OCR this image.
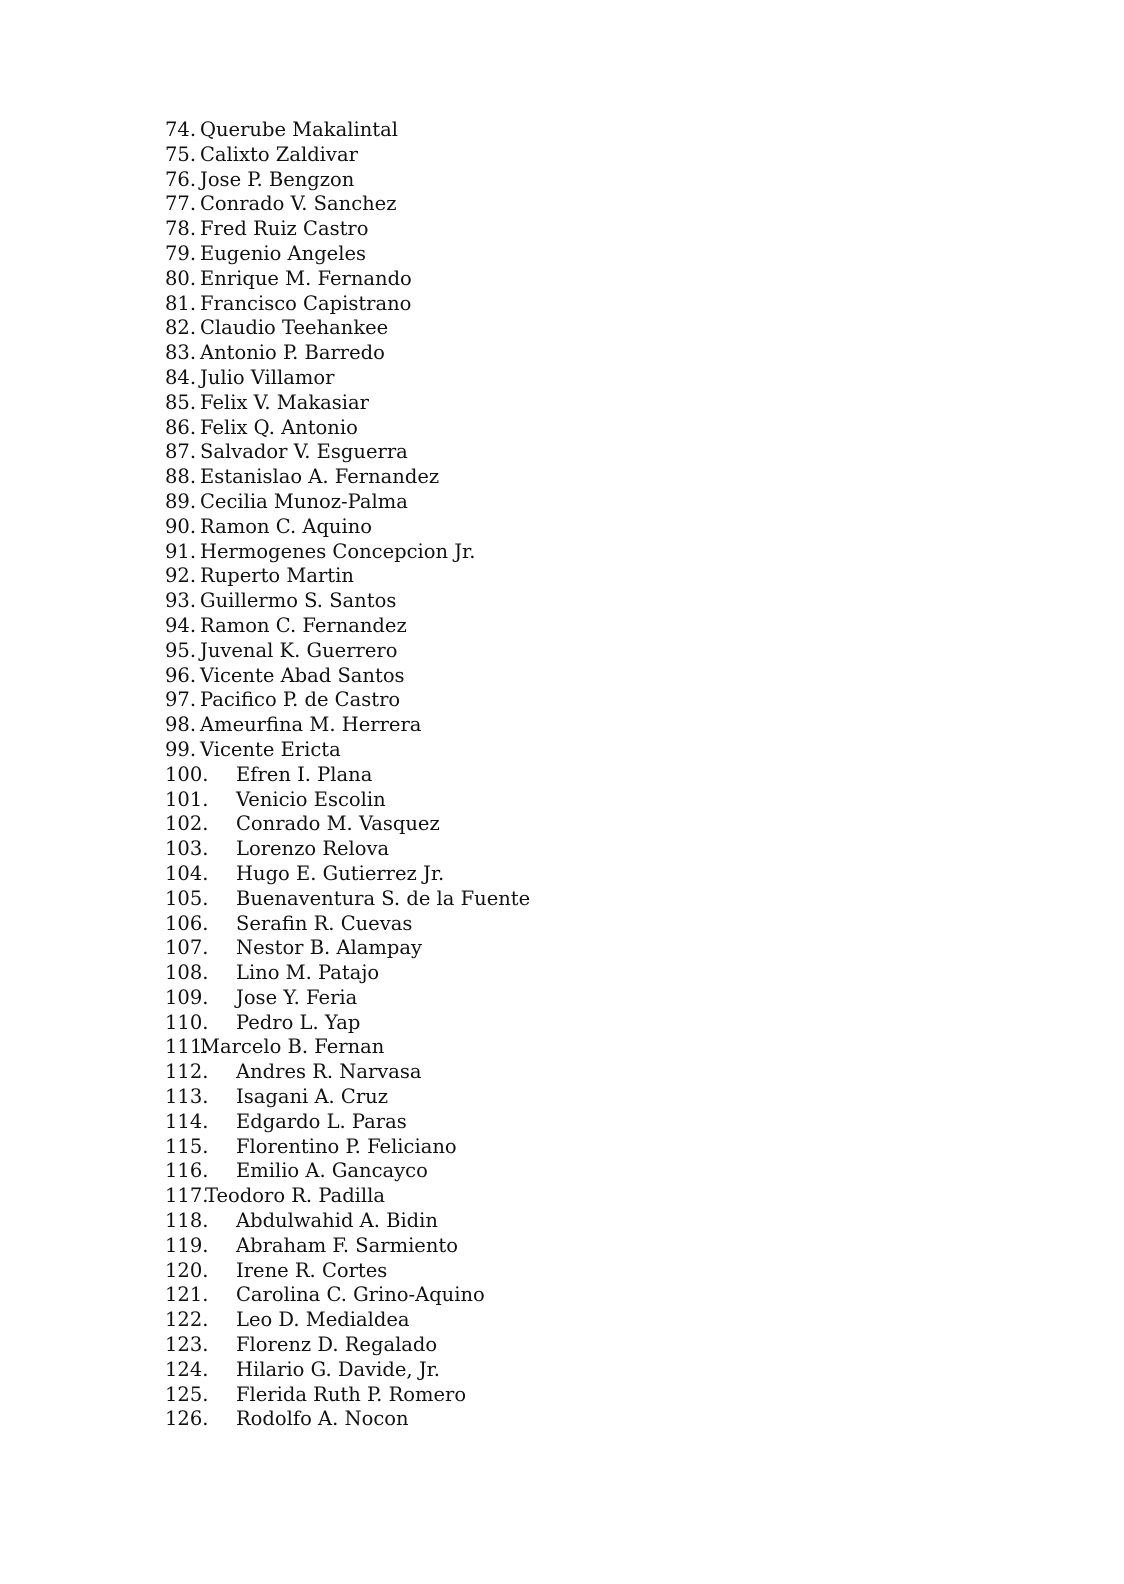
74. Querube Makalintal
75. Calixto Zaldivar
76. Jose P. Bengzon
77. Conrado V. Sanchez
78. Fred Ruiz Castro
79. Eugenio Angeles
80. Enrique M. Fernando
81. Francisco Capistrano
82. Claudio Teehankee
83. Antonio P. Barredo
84. Julio Villamor
85. Felix V. Makasiar
86. Felix Q. Antonio
87. Salvador V. Esguerra
88. Estanislao A. Fernandez
89. Cecilia Munoz-Palma
90. Ramon C. Aquino
91. Hermogenes Concepcion Jr.
92. Ruperto Martin
93. Guillermo S. Santos
94. Ramon C. Fernandez
95. Juvenal K. Guerrero
96. Vicente Abad Santos
97. Pacifico P. de Castro
98. Ameurfina M. Herrera
99. Vicente Ericta
100. Efren I. Plana
101. Venicio Escolin
102. Conrado M. Vasquez
103. Lorenzo Relova
104. Hugo E. Gutierrez Jr.
105. Buenaventura S. de la Fuente
106. Serafin R. Cuevas
107. Nestor B. Alampay
108. Lino M. Patajo
109. Jose Y. Feria
110. Pedro L. Yap
111.
Marcelo B. Fernan
112. Andres R. Narvasa
113. Isagani A. Cruz
114. Edgardo L. Paras
115. Florentino P. Feliciano
116. Emilio A. Gancayco
117.
Teodoro R. Padilla
118. Abdulwahid A. Bidin
119. Abraham F. Sarmiento
120. Irene R. Cortes
121. Carolina C. Grino-Aquino
122. Leo D. Medialdea
123. Florenz D. Regalado
124. Hilario G. Davide, Jr.
125. Flerida Ruth P. Romero
126. Rodolfo A. Nocon
